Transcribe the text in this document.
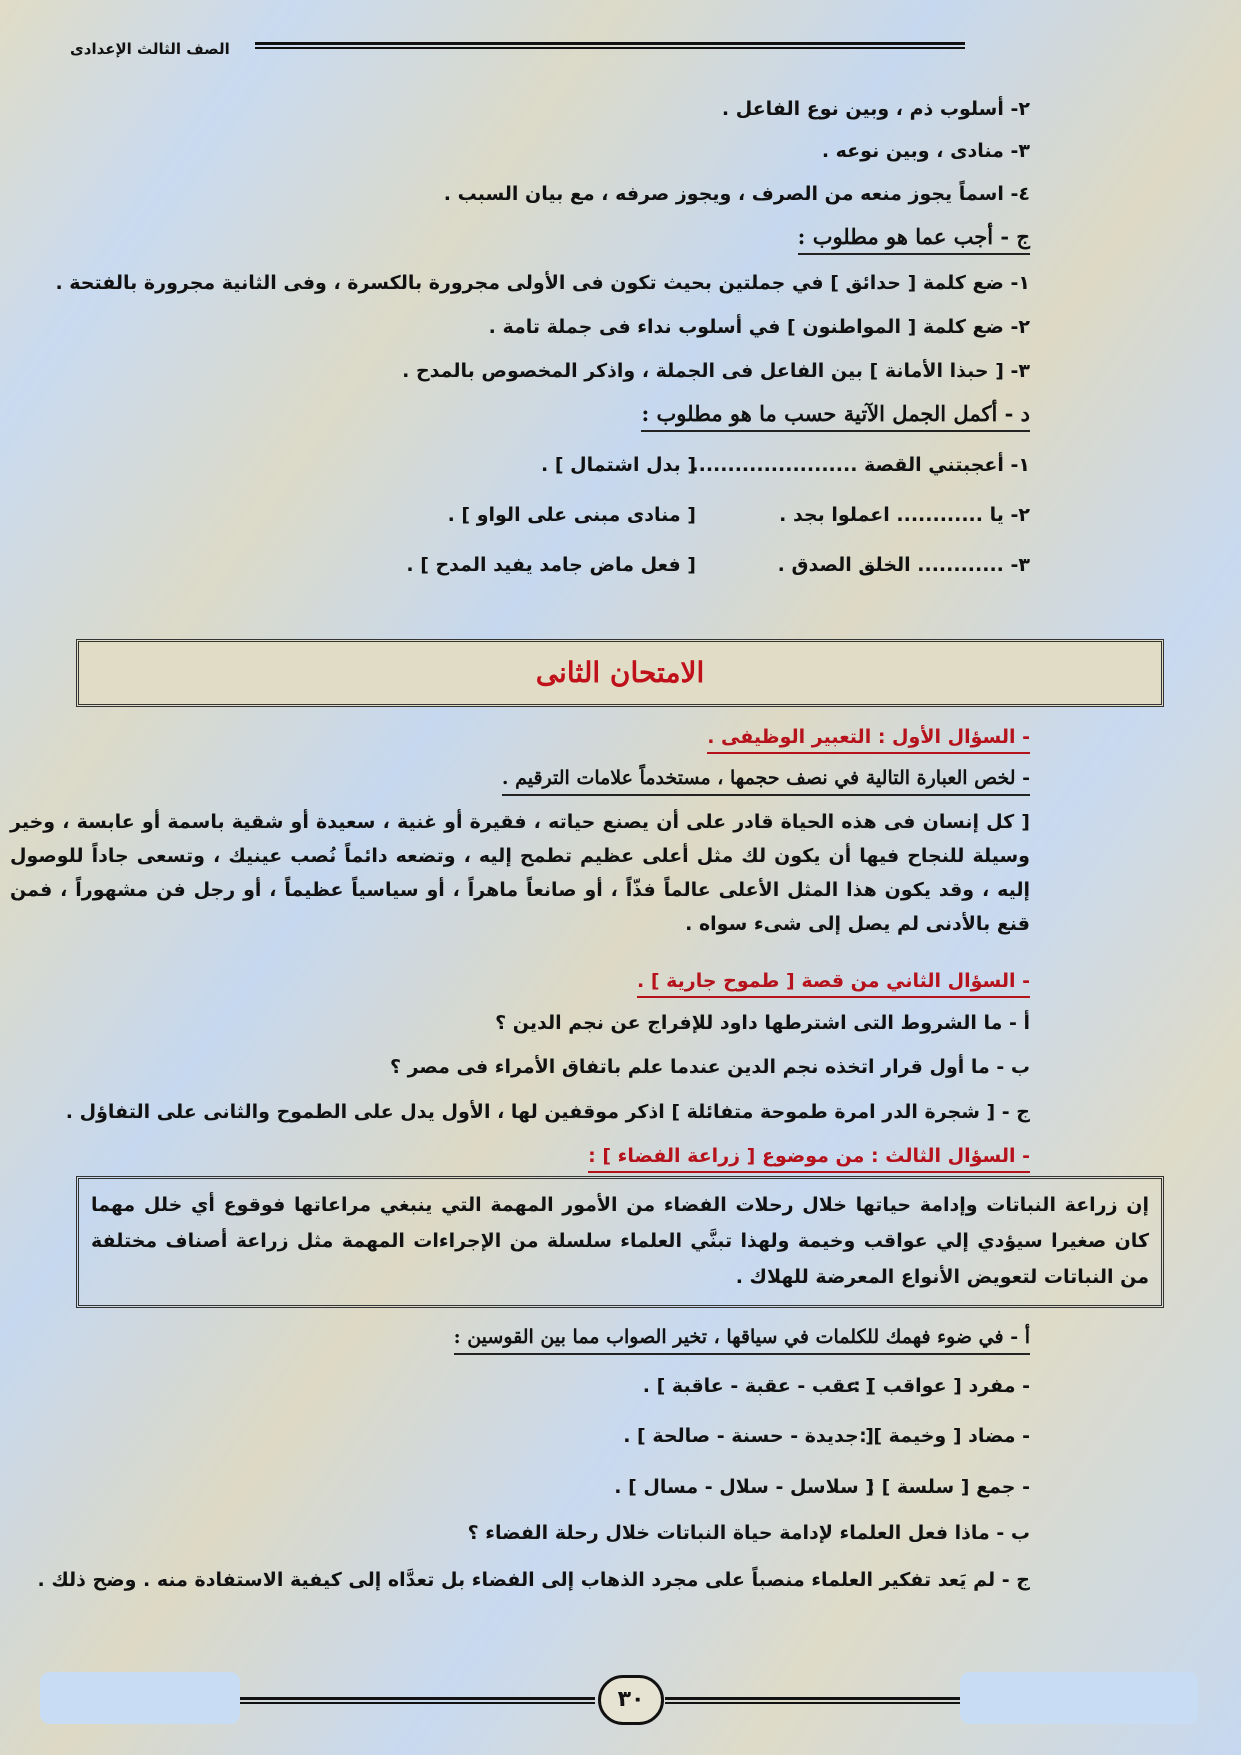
الصف الثالث الإعدادى
٢- أسلوب ذم ، وبين نوع الفاعل .
٣- منادى ، وبين نوعه .
٤- اسماً يجوز منعه من الصرف ، ويجوز صرفه ، مع بيان السبب .
ج - أجب عما هو مطلوب :
١- ضع كلمة [ حدائق ] في جملتين بحيث تكون فى الأولى مجرورة بالكسرة ، وفى الثانية مجرورة بالفتحة .
٢- ضع كلمة [ المواطنون ] في أسلوب نداء فى جملة تامة .
٣- [ حبذا الأمانة ] بين الفاعل فى الجملة ، واذكر المخصوص بالمدح .
د - أكمل الجمل الآتية حسب ما هو مطلوب :
١- أعجبتني القصة .......................
[ بدل اشتمال ] .
٢- يا ............ اعملوا بجد .
[ منادى مبنى على الواو ] .
٣- ............ الخلق الصدق .
[ فعل ماض جامد يفيد المدح ] .
الامتحان الثانى
- السؤال الأول : التعبير الوظيفى .
- لخص العبارة التالية في نصف حجمها ، مستخدماً علامات الترقيم .
[ كل إنسان فى هذه الحياة قادر على أن يصنع حياته ، فقيرة أو غنية ، سعيدة أو شقية باسمة أو عابسة ، وخير وسيلة للنجاح فيها أن يكون لك مثل أعلى عظيم تطمح إليه ، وتضعه دائماً نُصب عينيك ، وتسعى جاداً للوصول إليه ، وقد يكون هذا المثل الأعلى عالماً فذّاً ، أو صانعاً ماهراً ، أو سياسياً عظيماً ، أو رجل فن مشهوراً ، فمن قنع بالأدنى لم يصل إلى شىء سواه .
- السؤال الثاني من قصة [ طموح جارية ] .
أ - ما الشروط التى اشترطها داود للإفراج عن نجم الدين ؟
ب - ما أول قرار اتخذه نجم الدين عندما علم باتفاق الأمراء فى مصر ؟
ج - [ شجرة الدر امرة طموحة متفائلة ] اذكر موقفين لها ، الأول يدل على الطموح والثانى على التفاؤل .
- السؤال الثالث : من موضوع [ زراعة الفضاء ] :
إن زراعة النباتات وإدامة حياتها خلال رحلات الفضاء من الأمور المهمة التي ينبغي مراعاتها فوقوع أي خلل مهما كان صغيرا سيؤدي إلي عواقب وخيمة ولهذا تبنَّي العلماء سلسلة من الإجراءات المهمة مثل زراعة أصناف مختلفة من النباتات لتعويض الأنواع المعرضة للهلاك .
أ - في ضوء فهمك للكلمات في سياقها ، تخير الصواب مما بين القوسين :
- مفرد [ عواقب ] :
[ عقب - عقبة - عاقبة ] .
- مضاد [ وخيمة ] :
[ جديدة - حسنة - صالحة ] .
- جمع [ سلسة ] :
[ سلاسل - سلال - مسال ] .
ب - ماذا فعل العلماء لإدامة حياة النباتات خلال رحلة الفضاء ؟
ج - لم يَعد تفكير العلماء منصباً على مجرد الذهاب إلى الفضاء بل تعدَّاه إلى كيفية الاستفادة منه . وضح ذلك .
٣٠
